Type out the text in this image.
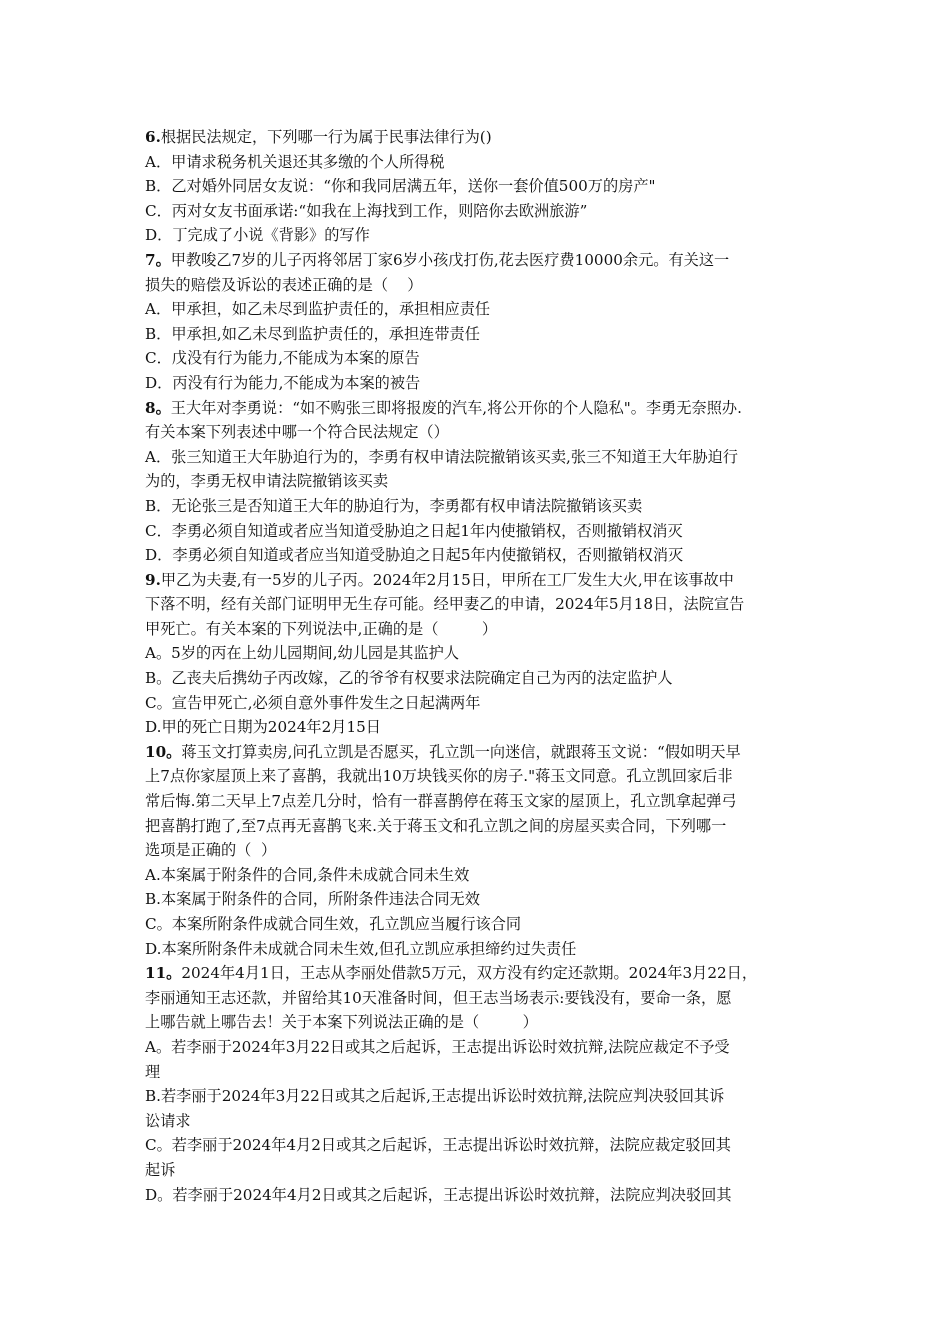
6.根据民法规定，下列哪一行为属于民事法律行为()
A．甲请求税务机关退还其多缴的个人所得税
B．乙对婚外同居女友说：“你和我同居满五年，送你一套价值500万的房产"
C．丙对女友书面承诺:“如我在上海找到工作，则陪你去欧洲旅游”
D．丁完成了小说《背影》的写作
7。甲教唆乙7岁的儿子丙将邻居丁家6岁小孩戊打伤,花去医疗费10000余元。有关这一
损失的赔偿及诉讼的表述正确的是（    ）
A．甲承担，如乙未尽到监护责任的，承担相应责任
B．甲承担,如乙未尽到监护责任的，承担连带责任
C．戊没有行为能力,不能成为本案的原告
D．丙没有行为能力,不能成为本案的被告
8。王大年对李勇说：“如不购张三即将报废的汽车,将公开你的个人隐私"。李勇无奈照办.
有关本案下列表述中哪一个符合民法规定（）
A．张三知道王大年胁迫行为的，李勇有权申请法院撤销该买卖,张三不知道王大年胁迫行
为的，李勇无权申请法院撤销该买卖
B．无论张三是否知道王大年的胁迫行为，李勇都有权申请法院撤销该买卖
C．李勇必须自知道或者应当知道受胁迫之日起1年内使撤销权，否则撤销权消灭
D．李勇必须自知道或者应当知道受胁迫之日起5年内使撤销权，否则撤销权消灭
9.甲乙为夫妻,有一5岁的儿子丙。2024年2月15日，甲所在工厂发生大火,甲在该事故中
下落不明，经有关部门证明甲无生存可能。经甲妻乙的申请，2024年5月18日，法院宣告
甲死亡。有关本案的下列说法中,正确的是（         ）
A。5岁的丙在上幼儿园期间,幼儿园是其监护人
B。乙丧夫后携幼子丙改嫁，乙的爷爷有权要求法院确定自己为丙的法定监护人
C。宣告甲死亡,必须自意外事件发生之日起满两年
D.甲的死亡日期为2024年2月15日
10。蒋玉文打算卖房,问孔立凯是否愿买，孔立凯一向迷信，就跟蒋玉文说：“假如明天早
上7点你家屋顶上来了喜鹊，我就出10万块钱买你的房子."蒋玉文同意。孔立凯回家后非
常后悔.第二天早上7点差几分时，恰有一群喜鹊停在蒋玉文家的屋顶上，孔立凯拿起弹弓
把喜鹊打跑了,至7点再无喜鹊飞来.关于蒋玉文和孔立凯之间的房屋买卖合同，下列哪一
选项是正确的（  ）
A.本案属于附条件的合同,条件未成就合同未生效
B.本案属于附条件的合同，所附条件违法合同无效
C。本案所附条件成就合同生效，孔立凯应当履行该合同
D.本案所附条件未成就合同未生效,但孔立凯应承担缔约过失责任
11。2024年4月1日，王志从李丽处借款5万元，双方没有约定还款期。2024年3月22日，
李丽通知王志还款，并留给其10天准备时间，但王志当场表示:要钱没有，要命一条，愿
上哪告就上哪告去！关于本案下列说法正确的是（         ）
A。若李丽于2024年3月22日或其之后起诉，王志提出诉讼时效抗辩,法院应裁定不予受
理
B.若李丽于2024年3月22日或其之后起诉,王志提出诉讼时效抗辩,法院应判决驳回其诉
讼请求
C。若李丽于2024年4月2日或其之后起诉，王志提出诉讼时效抗辩，法院应裁定驳回其
起诉
D。若李丽于2024年4月2日或其之后起诉，王志提出诉讼时效抗辩，法院应判决驳回其
